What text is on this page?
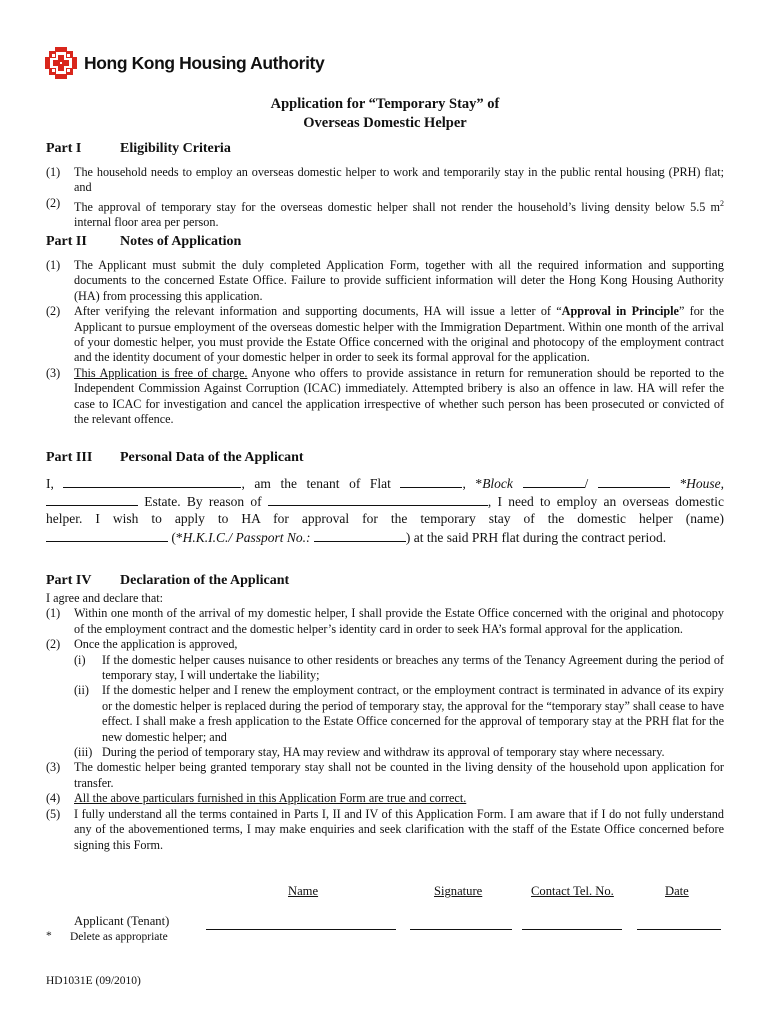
Hong Kong Housing Authority
Application for “Temporary Stay” of
Overseas Domestic Helper
Part I	Eligibility Criteria
(1)	The household needs to employ an overseas domestic helper to work and temporarily stay in the public rental housing (PRH) flat; and
(2)	The approval of temporary stay for the overseas domestic helper shall not render the household’s living density below 5.5 $m^2$ internal floor area per person.
Part II Notes of Application
(1)	The Applicant must submit the duly completed Application Form, together with all the required information and supporting documents to the concerned Estate Office. Failure to provide sufficient information will deter the Hong Kong Housing Authority (HA) from processing this application.
(2)	After verifying the relevant information and supporting documents, HA will issue a letter of “Approval in Principle” for the Applicant to pursue employment of the overseas domestic helper with the Immigration Department. Within one month of the arrival of your domestic helper, you must provide the Estate Office concerned with the original and photocopy of the employment contract and the identity document of your domestic helper in order to seek its formal approval for the application.
(3)	This Application is free of charge. Anyone who offers to provide assistance in return for remuneration should be reported to the Independent Commission Against Corruption (ICAC) immediately. Attempted bribery is also an offence in law. HA will refer the case to ICAC for investigation and cancel the application irrespective of whether such person has been prosecuted or convicted of the relevant offence.
Part III Personal Data of the Applicant
I,	, am the tenant of Flat	, *Block	/	*House,  Estate. By reason of	, I need to employ an overseas domestic helper. I wish to apply to HA for approval for the temporary stay of the domestic helper (name)
(*H.K.I.C./ Passport No.:	) at the said PRH flat during the contract period.
Part IV Declaration of the Applicant
I agree and declare that:
(1)	Within one month of the arrival of my domestic helper, I shall provide the Estate Office concerned with the original and photocopy of the employment contract and the domestic helper’s identity card in order to seek HA’s formal approval for the application.
(2)	Once the application is approved,
(i)	If the domestic helper causes nuisance to other residents or breaches any terms of the Tenancy Agreement during the period of temporary stay, I will undertake the liability;
(ii)	If the domestic helper and I renew the employment contract, or the employment contract is terminated in advance of its expiry or the domestic helper is replaced during the period of temporary stay, the approval for the “temporary stay” shall cease to have effect. I shall make a fresh application to the Estate Office concerned for the approval of temporary stay at the PRH flat for the new domestic helper; and
(iii) During the period of temporary stay, HA may review and withdraw its approval of temporary stay where necessary.
(3)	The domestic helper being granted temporary stay shall not be counted in the living density of the household upon application for transfer.
(4)	All the above particulars furnished in this Application Form are true and correct.
(5)	I fully understand all the terms contained in Parts I, II and IV of this Application Form. I am aware that if I do not fully understand any of the abovementioned terms, I may make enquiries and seek clarification with the staff of the Estate Office concerned before signing this Form.
Name	Signature	Contact Tel. No.	Date
Applicant (Tenant)
* Delete as appropriate
HD1031E (09/2010)
